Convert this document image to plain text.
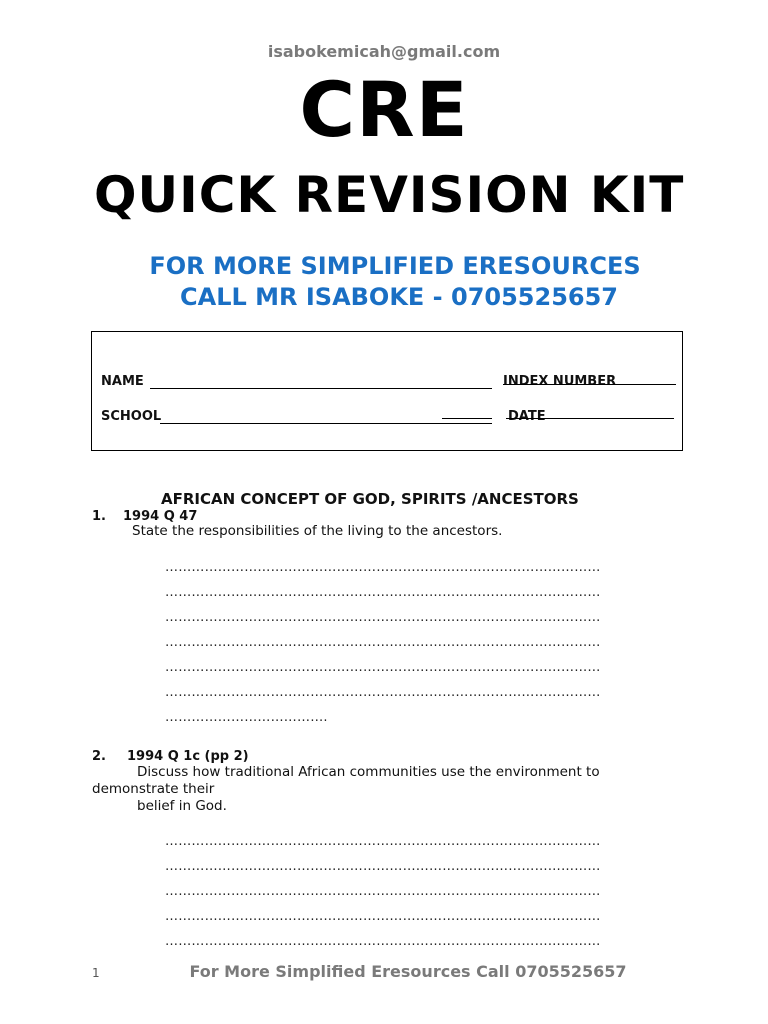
isabokemicah@gmail.com
CRE
QUICK REVISION KIT
FOR MORE SIMPLIFIED ERESOURCES
CALL MR ISABOKE - 0705525657
NAME	INDEX NUMBER
SCHOOL	DATE
AFRICAN CONCEPT OF GOD, SPIRITS /ANCESTORS
1. 1994 Q 47
State the responsibilities of the living to the ancestors.
………………………………………………………………………………………
………………………………………………………………………………………
………………………………………………………………………………………
………………………………………………………………………………………
………………………………………………………………………………………
………………………………………………………………………………………
……………………………….
2. 1994 Q 1c (pp 2)
Discuss how traditional African communities use the environment to
demonstrate their
belief in God.
………………………………………………………………………………………
………………………………………………………………………………………
………………………………………………………………………………………
………………………………………………………………………………………
………………………………………………………………………………………
1	For More Simplified Eresources Call 0705525657
